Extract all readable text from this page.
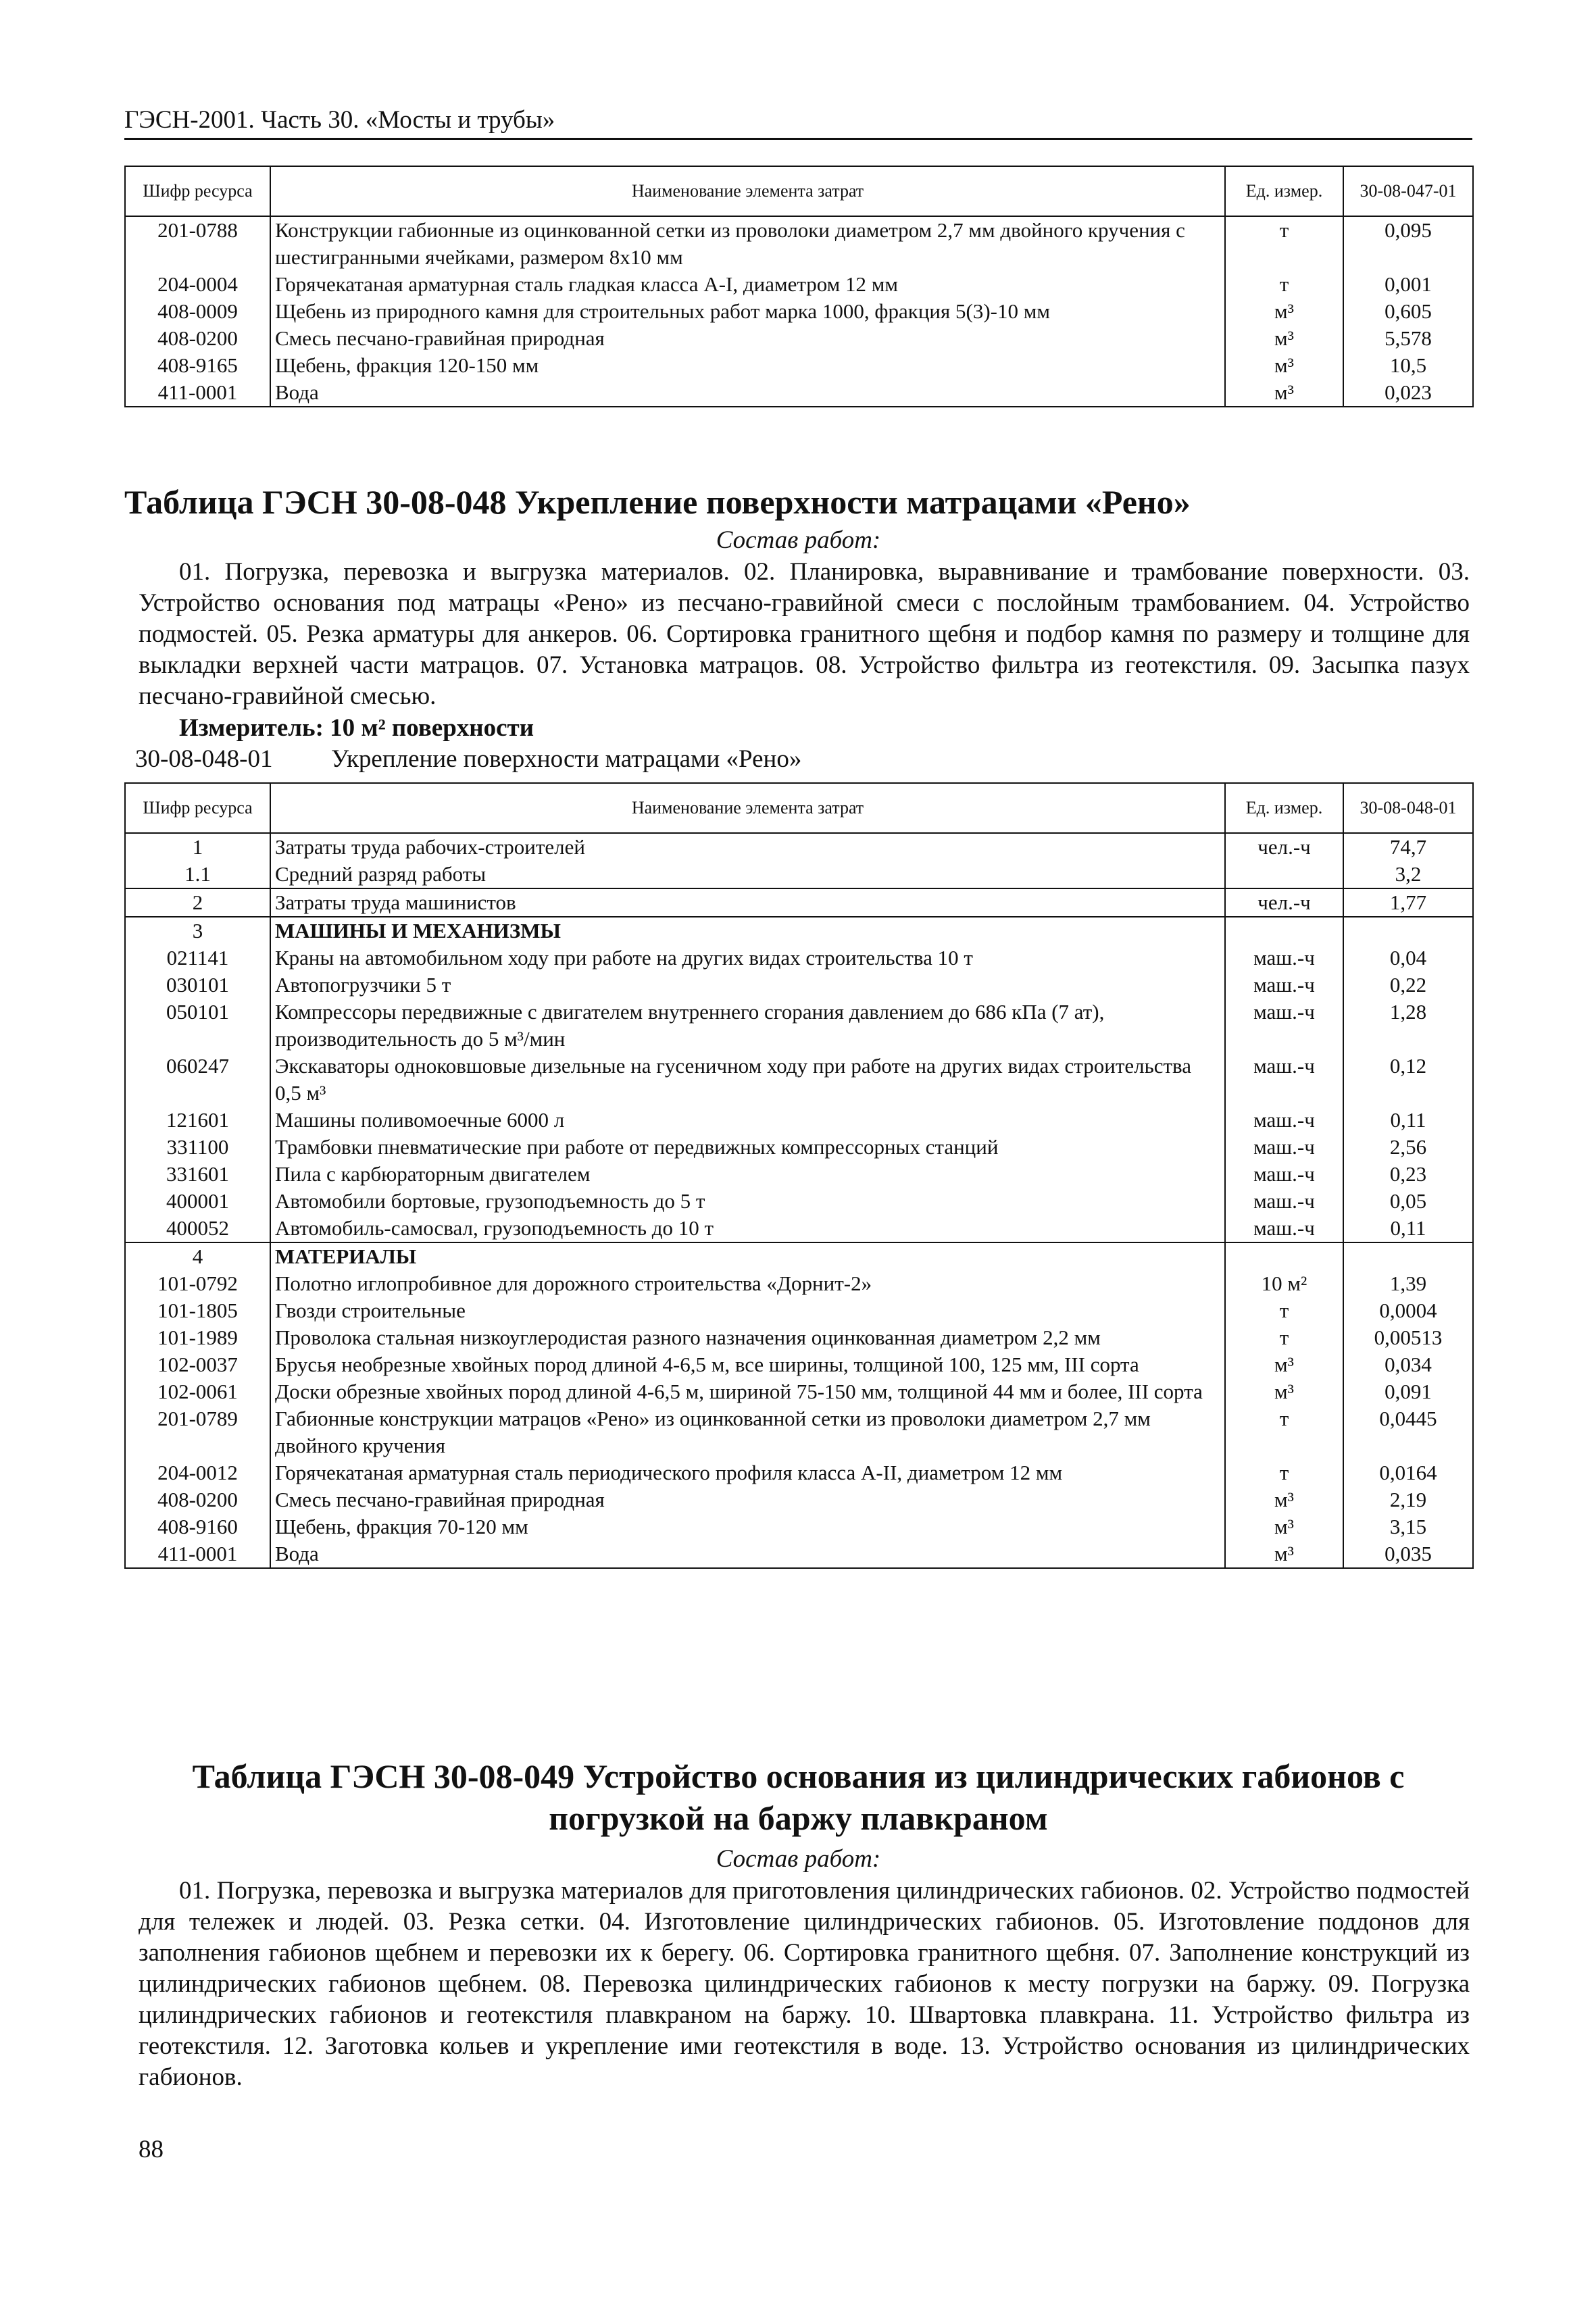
ГЭСН-2001. Часть 30. «Мосты и трубы»
Шифр ресурса	Наименование элемента затрат	Ед. измер.	30-08-047-01
201-0788	Конструкции габионные из оцинкованной сетки из проволоки диаметром 2,7 мм двойного кручения с шестигранными ячейками, размером 8х10 мм	т	0,095
204-0004	Горячекатаная арматурная сталь гладкая класса А-I, диаметром 12 мм	т	0,001
408-0009	Щебень из природного камня для строительных работ марка 1000, фракция 5(3)-10 мм	м³	0,605
408-0200	Смесь песчано-гравийная природная	м³	5,578
408-9165	Щебень, фракция 120-150 мм	м³	10,5
411-0001	Вода	м³	0,023
Таблица ГЭСН 30-08-048 Укрепление поверхности матрацами «Рено»
Состав работ:
01. Погрузка, перевозка и выгрузка материалов. 02. Планировка, выравнивание и трамбование поверхности. 03. Устройство основания под матрацы «Рено» из песчано-гравийной смеси с послойным трамбованием. 04. Устройство подмостей. 05. Резка арматуры для анкеров. 06. Сортировка гранитного щебня и подбор камня по размеру и толщине для выкладки верхней части матрацов. 07. Установка матрацов. 08. Устройство фильтра из геотекстиля. 09. Засыпка пазух песчано-гравийной смесью.
Измеритель: 10 м² поверхности
30-08-048-01 Укрепление поверхности матрацами «Рено»
Шифр ресурса	Наименование элемента затрат	Ед. измер.	30-08-048-01
1	Затраты труда рабочих-строителей	чел.-ч	74,7
1.1	Средний разряд работы		3,2
2	Затраты труда машинистов	чел.-ч	1,77
3	МАШИНЫ И МЕХАНИЗМЫ		
021141	Краны на автомобильном ходу при работе на других видах строительства 10 т	маш.-ч	0,04
030101	Автопогрузчики 5 т	маш.-ч	0,22
050101	Компрессоры передвижные с двигателем внутреннего сгорания давлением до 686 кПа (7 ат), производительность до 5 м³/мин	маш.-ч	1,28
060247	Экскаваторы одноковшовые дизельные на гусеничном ходу при работе на других видах строительства 0,5 м³	маш.-ч	0,12
121601	Машины поливомоечные 6000 л	маш.-ч	0,11
331100	Трамбовки пневматические при работе от передвижных компрессорных станций	маш.-ч	2,56
331601	Пила с карбюраторным двигателем	маш.-ч	0,23
400001	Автомобили бортовые, грузоподъемность до 5 т	маш.-ч	0,05
400052	Автомобиль-самосвал, грузоподъемность до 10 т	маш.-ч	0,11
4	МАТЕРИАЛЫ		
101-0792	Полотно иглопробивное для дорожного строительства «Дорнит-2»	10 м²	1,39
101-1805	Гвозди строительные	т	0,0004
101-1989	Проволока стальная низкоуглеродистая разного назначения оцинкованная диаметром 2,2 мм	т	0,00513
102-0037	Брусья необрезные хвойных пород длиной 4-6,5 м, все ширины, толщиной 100, 125 мм, III сорта	м³	0,034
102-0061	Доски обрезные хвойных пород длиной 4-6,5 м, шириной 75-150 мм, толщиной 44 мм и более, III сорта	м³	0,091
201-0789	Габионные конструкции матрацов «Рено» из оцинкованной сетки из проволоки диаметром 2,7 мм двойного кручения	т	0,0445
204-0012	Горячекатаная арматурная сталь периодического профиля класса А-II, диаметром 12 мм	т	0,0164
408-0200	Смесь песчано-гравийная природная	м³	2,19
408-9160	Щебень, фракция 70-120 мм	м³	3,15
411-0001	Вода	м³	0,035
Таблица ГЭСН 30-08-049 Устройство основания из цилиндрических габионов с
погрузкой на баржу плавкраном
Состав работ:
01. Погрузка, перевозка и выгрузка материалов для приготовления цилиндрических габионов. 02. Устройство подмостей для тележек и людей. 03. Резка сетки. 04. Изготовление цилиндрических габионов. 05. Изготовление поддонов для заполнения габионов щебнем и перевозки их к берегу. 06. Сортировка гранитного щебня. 07. Заполнение конструкций из цилиндрических габионов щебнем. 08. Перевозка цилиндрических габионов к месту погрузки на баржу. 09. Погрузка цилиндрических габионов и геотекстиля плавкраном на баржу. 10. Швартовка плавкрана. 11. Устройство фильтра из геотекстиля. 12. Заготовка кольев и укрепление ими геотекстиля в воде. 13. Устройство основания из цилиндрических габионов.
88
